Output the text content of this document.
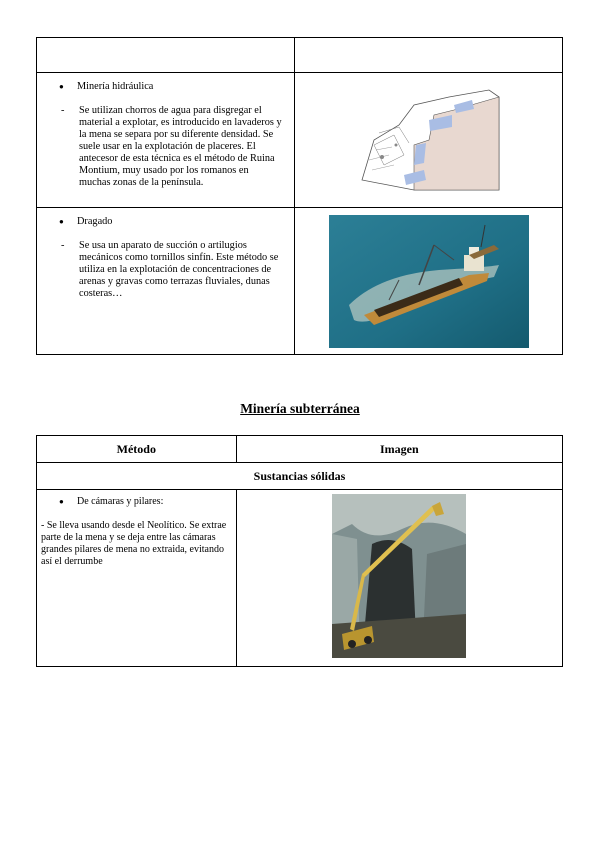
● Minería hidráulica
- Se utilizan chorros de agua para disgregar el material a explotar, es introducido en lavaderos y la mena se separa por su diferente densidad. Se suele usar en la explotación de placeres. El antecesor de esta técnica es el método de Ruina Montium, muy usado por los romanos en muchas zonas de la península.

● Dragado
- Se usa un aparato de succión o artilugios mecánicos como tornillos sinfín. Este método se utiliza en la explotación de concentraciones de arenas y gravas como terrazas fluviales, dunas costeras…

Minería subterránea
Método	Imagen
Sustancias sólidas	

● De cámaras y pilares:
- Se lleva usando desde el Neolítico. Se extrae parte de la mena y se deja entre las cámaras grandes pilares de mena no extraida, evitando así el derrumbe
